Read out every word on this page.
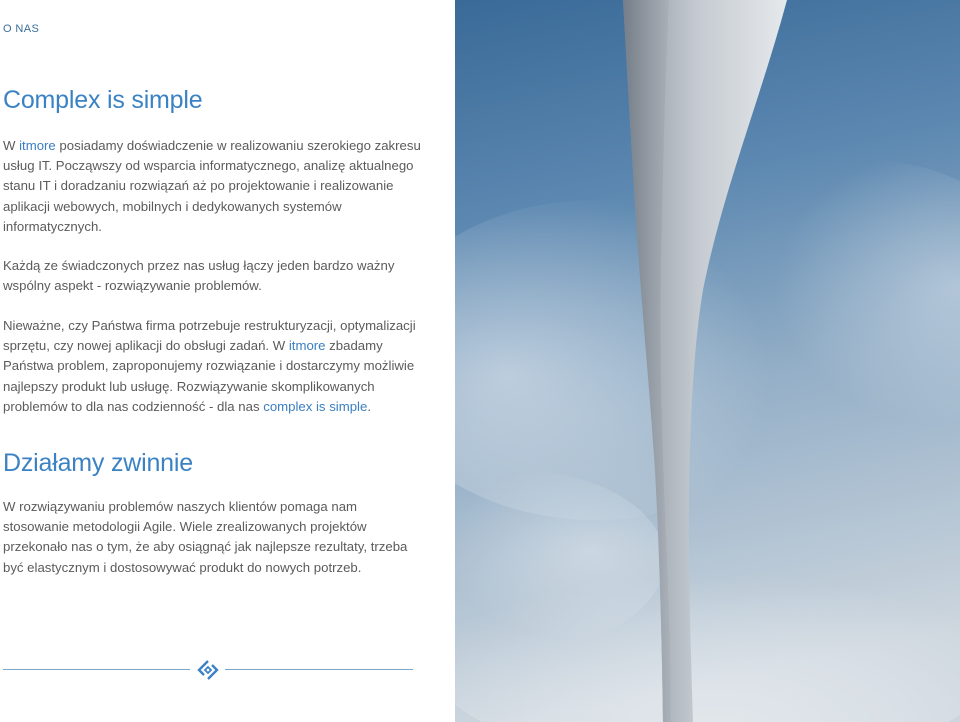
O NAS
Complex is simple

W itmore posiadamy doświadczenie w realizowaniu szerokiego zakresu usług IT. Począwszy od wsparcia informatycznego, analizę aktualnego stanu IT i doradzaniu rozwiązań aż po projektowanie i realizowanie aplikacji webowych, mobilnych i dedykowanych systemów informatycznych.

Każdą ze świadczonych przez nas usług łączy jeden bardzo ważny wspólny aspekt - rozwiązywanie problemów.

Nieważne, czy Państwa firma potrzebuje restrukturyzacji, optymalizacji sprzętu, czy nowej aplikacji do obsługi zadań. W itmore zbadamy Państwa problem, zaproponujemy rozwiązanie i dostarczymy możliwie najlepszy produkt lub usługę. Rozwiązywanie skomplikowanych problemów to dla nas codzienność - dla nas complex is simple.

Działamy zwinnie

W rozwiązywaniu problemów naszych klientów pomaga nam stosowanie metodologii Agile. Wiele zrealizowanych projektów przekonało nas o tym, że aby osiągnąć jak najlepsze rezultaty, trzeba być elastycznym i dostosowywać produkt do nowych potrzeb.
